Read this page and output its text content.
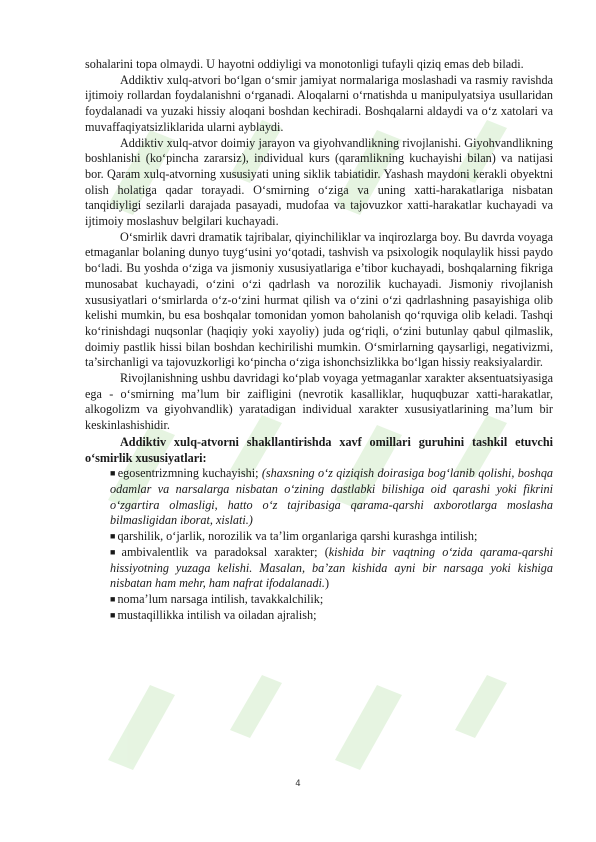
sohalarini topa olmaydi. U hayotni oddiyligi va monotonligi tufayli qiziq emas deb biladi.

Addiktiv xulq-atvori bo‘lgan o‘smir jamiyat normalariga moslashadi va rasmiy ravishda ijtimoiy rollardan foydalanishni o‘rganadi. Aloqalarni o‘rnatishda u manipulyatsiya usullaridan foydalanadi va yuzaki hissiy aloqani boshdan kechiradi. Boshqalarni aldaydi va o‘z xatolari va muvaffaqiyatsizliklarida ularni ayblaydi.

Addiktiv xulq-atvor doimiy jarayon va giyohvandlikning rivojlanishi. Giyohvandlikning boshlanishi (ko‘pincha zararsiz), individual kurs (qaramlikning kuchayishi bilan) va natijasi bor. Qaram xulq-atvorning xususiyati uning siklik tabiatidir. Yashash maydoni kerakli obyektni olish holatiga qadar torayadi. O‘smirning o‘ziga va uning xatti-harakatlariga nisbatan tanqidiyligi sezilarli darajada pasayadi, mudofaa va tajovuzkor xatti-harakatlar kuchayadi va ijtimoiy moslashuv belgilari kuchayadi.

O‘smirlik davri dramatik tajribalar, qiyinchiliklar va inqirozlarga boy. Bu davrda voyaga etmaganlar bolaning dunyo tuyg‘usini yo‘qotadi, tashvish va psixologik noqulaylik hissi paydo bo‘ladi. Bu yoshda o‘ziga va jismoniy xususiyatlariga e’tibor kuchayadi, boshqalarning fikriga munosabat kuchayadi, o‘zini o‘zi qadrlash va norozilik kuchayadi. Jismoniy rivojlanish xususiyatlari o‘smirlarda o‘z-o‘zini hurmat qilish va o‘zini o‘zi qadrlashning pasayishiga olib kelishi mumkin, bu esa boshqalar tomonidan yomon baholanish qo‘rquviga olib keladi. Tashqi ko‘rinishdagi nuqsonlar (haqiqiy yoki xayoliy) juda og‘riqli, o‘zini butunlay qabul qilmaslik, doimiy pastlik hissi bilan boshdan kechirilishi mumkin. O‘smirlarning qaysarligi, negativizmi, ta’sirchanligi va tajovuzkorligi ko‘pincha o‘ziga ishonchsizlikka bo‘lgan hissiy reaksiyalardir.

Rivojlanishning ushbu davridagi ko‘plab voyaga yetmaganlar xarakter aksentuatsiyasiga ega - o‘smirning ma’lum bir zaifligini (nevrotik kasalliklar, huquqbuzar xatti-harakatlar, alkogolizm va giyohvandlik) yaratadigan individual xarakter xususiyatlarining ma’lum bir keskinlashishidir.

Addiktiv xulq-atvorni shakllantirishda xavf omillari guruhini tashkil etuvchi o‘smirlik xususiyatlari:

■ egosentrizmning kuchayishi; (shaxsning o‘z qiziqish doirasiga bog‘lanib qolishi, boshqa odamlar va narsalarga nisbatan o‘zining dastlabki bilishiga oid qarashi yoki fikrini o‘zgartira olmasligi, hatto o‘z tajribasiga qarama-qarshi axborotlarga moslasha bilmasligidan iborat, xislati.)

■ qarshilik, o‘jarlik, norozilik va ta’lim organlariga qarshi kurashga intilish;

■ ambivalentlik va paradoksal xarakter; (kishida bir vaqtning o‘zida qarama-qarshi hissiyotning yuzaga kelishi. Masalan, ba’zan kishida ayni bir narsaga yoki kishiga nisbatan ham mehr, ham nafrat ifodalanadi.)

■ noma’lum narsaga intilish, tavakkalchilik;

■ mustaqillikka intilish va oiladan ajralish;

4
